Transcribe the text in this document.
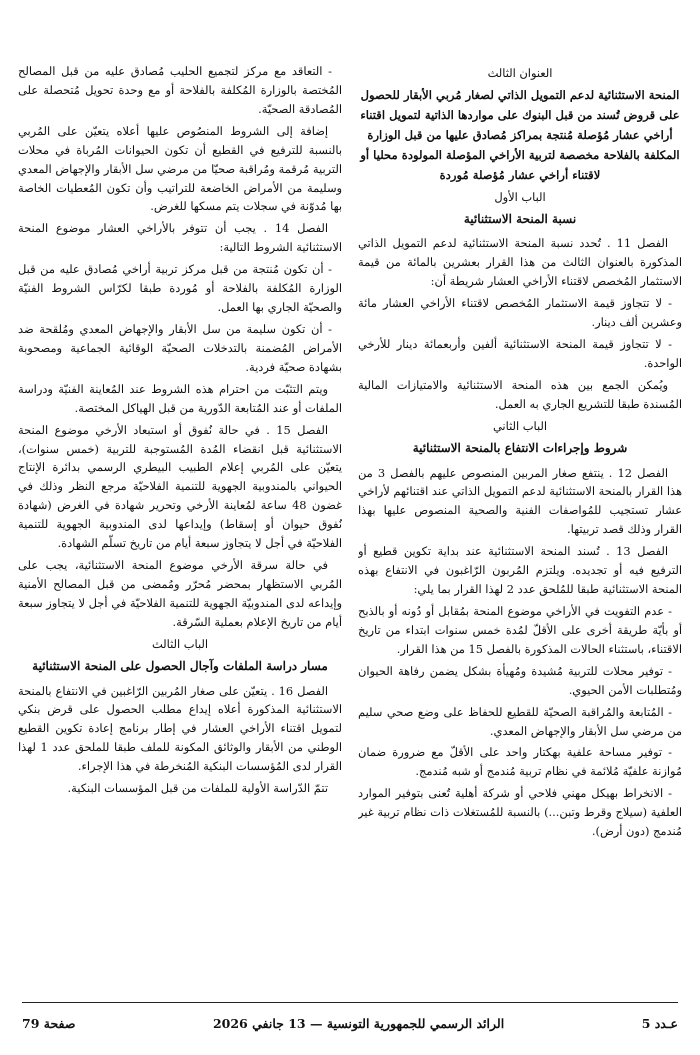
العنوان الثالث
المنحة الاستثنائية لدعم التمويل الذاتي لصغار مُربي الأبقار للحصول على قروض تُسند من قبل البنوك على مواردها الذاتية لتمويل اقتناء أراخي عشار مُؤصلة مُنتجة بمراكز مُصادق عليها من قبل الوزارة المكلفة بالفلاحة مخصصة لتربية الأراخي المؤصلة المولودة محليا أو لاقتناء أراخي عشار مُؤصلة مُوردة
الباب الأول
نسبة المنحة الاستثنائية

الفصل 11 . تُحدد نسبة المنحة الاستثنائية لدعم التمويل الذاتي المذكورة بالعنوان الثالث من هذا القرار بعشرين بالمائة من قيمة الاستثمار المُخصص لاقتناء الأراخي العشار شريطة أن:

- لا تتجاوز قيمة الاستثمار المُخصص لاقتناء الأراخي العشار مائة وعشرين ألف دينار.

- لا تتجاوز قيمة المنحة الاستثنائية ألفين وأربعمائة دينار للأرخي الواحدة.

ويُمكن الجمع بين هذه المنحة الاستثنائية والامتيازات المالية المُسندة طبقا للتشريع الجاري به العمل.

الباب الثاني
شروط وإجراءات الانتفاع بالمنحة الاستثنائية

الفصل 12 . ينتفع صغار المربين المنصوص عليهم بالفصل 3 من هذا القرار بالمنحة الاستثنائية لدعم التمويل الذاتي عند اقتنائهم لأراخي عشار تستجيب للمُواصفات الفنية والصحية المنصوص عليها بهذا القرار وذلك قصد تربيتها.

الفصل 13 . تُسند المنحة الاستثنائية عند بداية تكوين قطيع أو الترفيع فيه أو تجديده. ويلتزم المُربون الرّاغبون في الانتفاع بهذه المنحة الاستثنائية طبقا للمُلحق عدد 2 لهذا القرار بما يلي:

- عدم التفويت في الأراخي موضوع المنحة بمُقابل أو دُونه أو بالذبح أو بأيّة طريقة أخرى على الأقلّ لمُدة خمس سنوات ابتداء من تاريخ الاقتناء، باستثناء الحالات المذكورة بالفصل 15 من هذا القرار.

- توفير محلات للتربية مُشيدة ومُهيأة بشكل يضمن رفاهة الحيوان ومُتطلبات الأمن الحيوي.

- المُتابعة والمُراقبة الصحيّة للقطيع للحفاظ على وضع صحي سليم من مرضي سل الأبقار والإجهاض المعدي.

- توفير مساحة علفية بهكتار واحد على الأقلّ مع ضرورة ضمان مُوازنة علفيّة مُلائمة في نظام تربية مُندمج أو شبه مُندمج.

- الانخراط بهيكل مهني فلاحي أو شركة أهلية تُعنى بتوفير الموارد العلفية (سيلاج وقرط وتبن...) بالنسبة للمُستغلات ذات نظام تربية غير مُندمج (دون أرض).

- التعاقد مع مركز لتجميع الحليب مُصادق عليه من قبل المصالح المُختصة بالوزارة المُكلفة بالفلاحة أو مع وحدة تحويل مُتحصلة على المُصادقة الصحيّة.

إضافة إلى الشروط المنصُوص عليها أعلاه يتعيّن على المُربي بالنسبة للترفيع في القطيع أن تكون الحيوانات المُرباة في محلات التربية مُرقمة ومُراقبة صحيّا من مرضي سل الأبقار والإجهاض المعدي وسليمة من الأمراض الخاضعة للتراتيب وأن تكون المُعطيات الخاصة بها مُدوّنة في سجلات يتم مسكها للغرض.

الفصل 14 . يجب أن تتوفر بالأراخي العشار موضوع المنحة الاستثنائية الشروط التالية:

- أن تكون مُنتجة من قبل مركز تربية أراخي مُصادق عليه من قبل الوزارة المُكلفة بالفلاحة أو مُوردة طبقا لكرّاس الشروط الفنيّة والصحيّة الجاري بها العمل.

- أن تكون سليمة من سل الأبقار والإجهاض المعدي ومُلقحة ضد الأمراض المُضمنة بالتدخلات الصحيّة الوقائية الجماعية ومصحوبة بشهادة صحيّة فردية.

ويتم التثبّت من احترام هذه الشروط عند المُعاينة الفنيّة ودراسة الملفات أو عند المُتابعة الدّورية من قبل الهياكل المختصة.

الفصل 15 . في حالة نُفوق أو استبعاد الأرخي موضوع المنحة الاستثنائية قبل انقضاء المُدة المُستوجبة للتربية (خمس سنوات)، يتعيّن على المُربي إعلام الطبيب البيطري الرسمي بدائرة الإنتاج الحيواني بالمندوبية الجهوية للتنمية الفلاحيّة مرجع النظر وذلك في غضون 48 ساعة لمُعاينة الأرخي وتحرير شهادة في الغرض (شهادة نُفوق حيوان أو إسقاط) وإيداعها لدى المندوبية الجهوية للتنمية الفلاحيّة في أجل لا يتجاوز سبعة أيام من تاريخ تسلّم الشهادة.

في حالة سرقة الأرخي موضوع المنحة الاستثنائية، يجب على المُربي الاستظهار بمحضر مُحرّر ومُمضى من قبل المصالح الأمنية وإيداعه لدى المندوبيّة الجهوية للتنمية الفلاحيّة في أجل لا يتجاوز سبعة أيام من تاريخ الإعلام بعملية السّرقة.

الباب الثالث
مسار دراسة الملفات وآجال الحصول على المنحة الاستثنائية

الفصل 16 . يتعيّن على صغار المُربين الرّاغبين في الانتفاع بالمنحة الاستثنائية المذكورة أعلاه إيداع مطلب الحصول على قرض بنكي لتمويل اقتناء الأراخي العشار في إطار برنامج إعادة تكوين القطيع الوطني من الأبقار والوثائق المكونة للملف طبقا للملحق عدد 1 لهذا القرار لدى المُؤسسات البنكية المُنخرطة في هذا الإجراء.

تتمّ الدّراسة الأولية للملفات من قبل المؤسسات البنكية.

عـدد 5
الرائد الرسمي للجمهورية التونسية — 13 جانفي 2026
صفحة 79
